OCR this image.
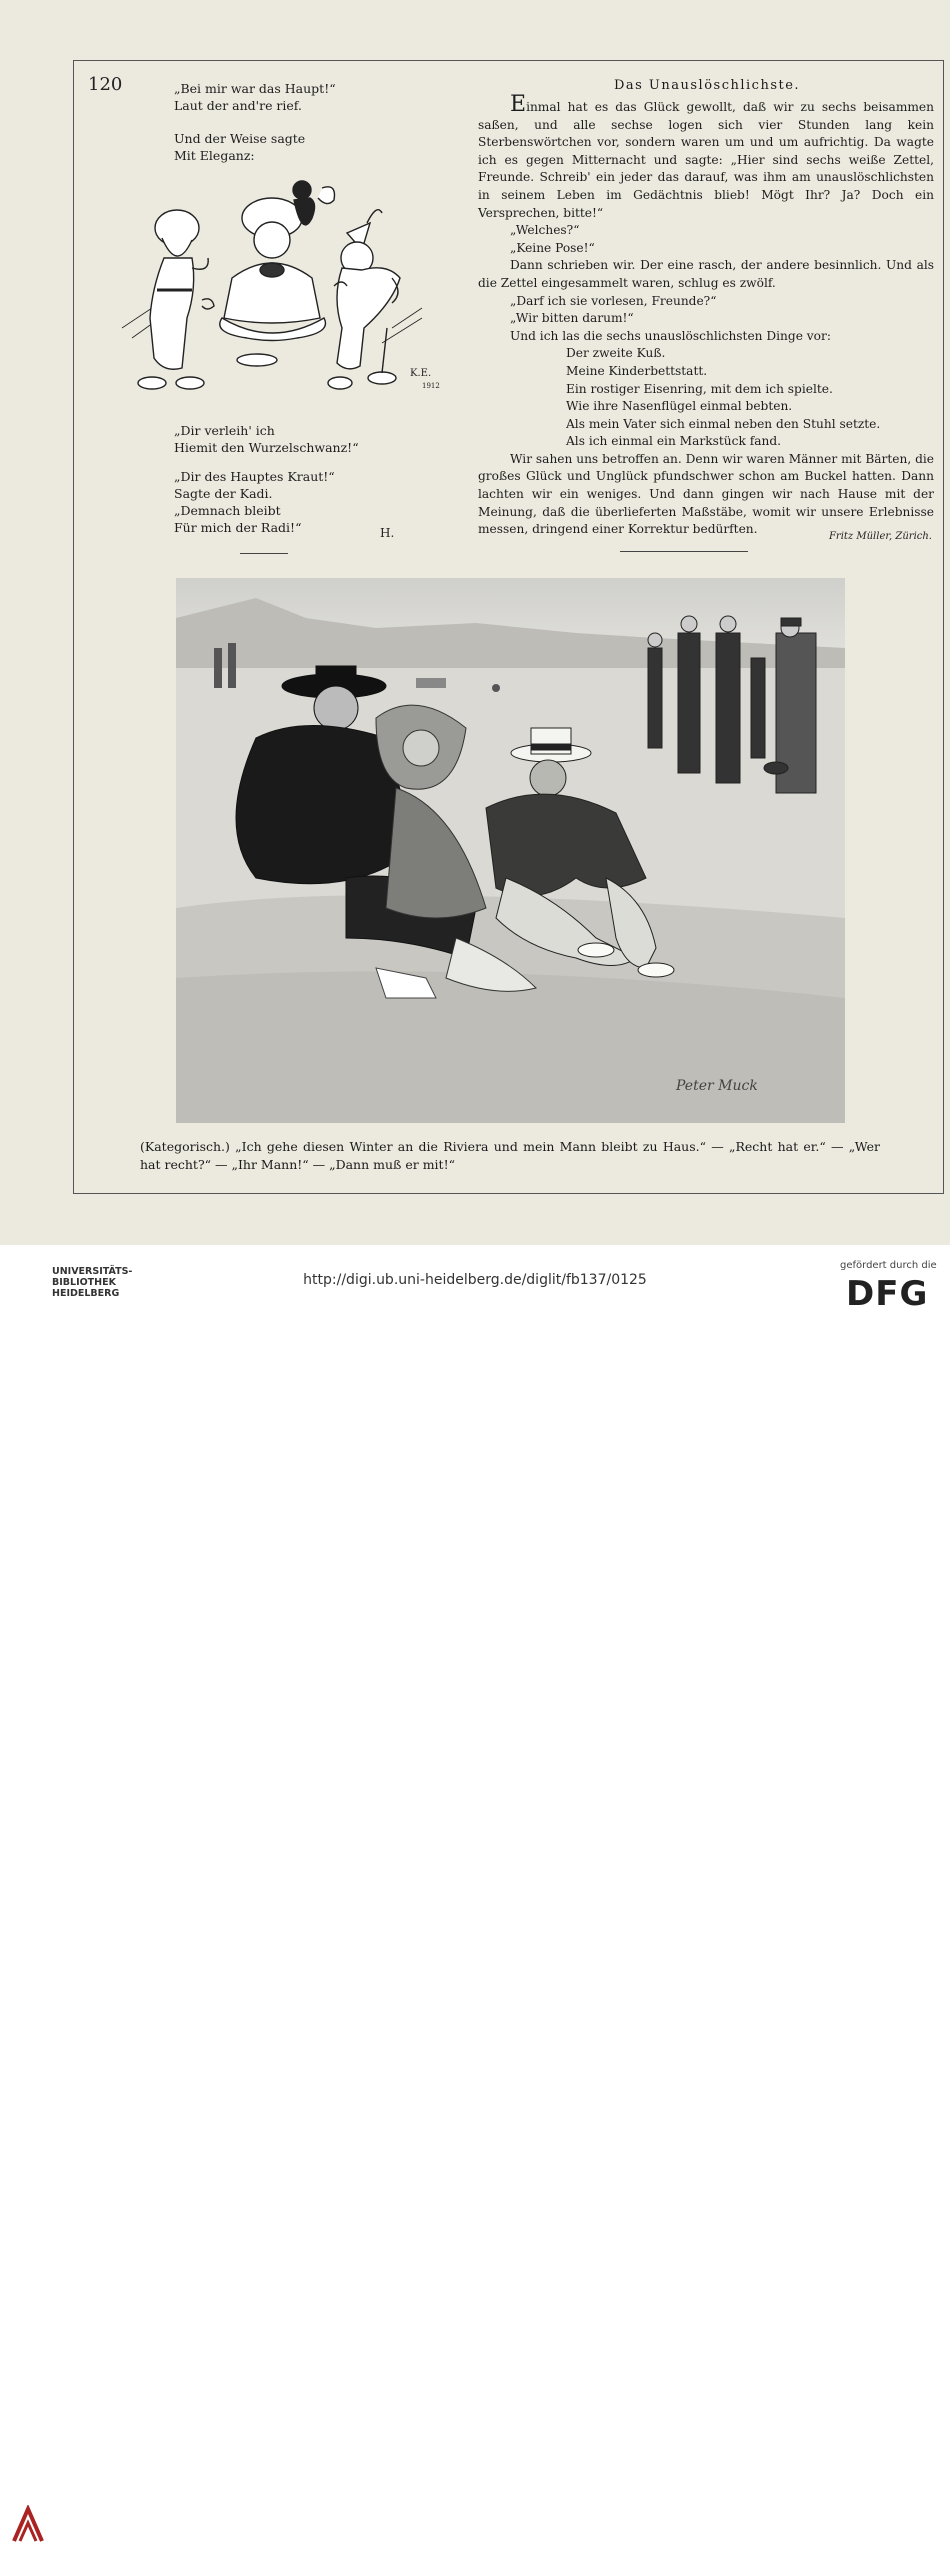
120	„Bei mir war das Haupt!“
Laut der and're rief.
Und der Weise sagte
Mit Eleganz:
K.E.
1912
„Dir verleih' ich
Hiemit den Wurzelschwanz!“
„Dir des Hauptes Kraut!“
Sagte der Kadi.
„Demnach bleibt
Für mich der Radi!“	H.
Das Unauslöschlichste.

Einmal hat es das Glück gewollt, daß wir zu sechs beisammen saßen, und alle sechse logen sich vier Stunden lang kein Sterbenswörtchen vor, sondern waren um und um aufrichtig. Da wagte ich es gegen Mitternacht und sagte: „Hier sind sechs weiße Zettel, Freunde. Schreib' ein jeder das darauf, was ihm am unauslöschlichsten in seinem Leben im Gedächtnis blieb! Mögt Ihr? Ja? Doch ein Versprechen, bitte!“

„Welches?“

„Keine Pose!“

Dann schrieben wir. Der eine rasch, der andere besinnlich. Und als die Zettel eingesammelt waren, schlug es zwölf.

„Darf ich sie vorlesen, Freunde?“

„Wir bitten darum!“

Und ich las die sechs unauslöschlichsten Dinge vor:

Der zweite Kuß.

Meine Kinderbettstatt.

Ein rostiger Eisenring, mit dem ich spielte.

Wie ihre Nasenflügel einmal bebten.

Als mein Vater sich einmal neben den Stuhl setzte.

Als ich einmal ein Markstück fand.

Wir sahen uns betroffen an. Denn wir waren Männer mit Bärten, die großes Glück und Unglück pfundschwer schon am Buckel hatten. Dann lachten wir ein weniges. Und dann gingen wir nach Hause mit der Meinung, daß die überlieferten Maßstäbe, womit wir unsere Erlebnisse messen, dringend einer Korrektur bedürften.

Fritz Müller, Zürich.
Peter Muck
(Kategorisch.) „Ich gehe diesen Winter an die Riviera und mein Mann bleibt zu Haus.“ — „Recht hat er.“ — „Wer hat recht?“ — „Ihr Mann!“ — „Dann muß er mit!“
UNIVERSITÄTS-
BIBLIOTHEK
HEIDELBERG
http://digi.ub.uni-heidelberg.de/diglit/fb137/0125
gefördert durch die
DFG
